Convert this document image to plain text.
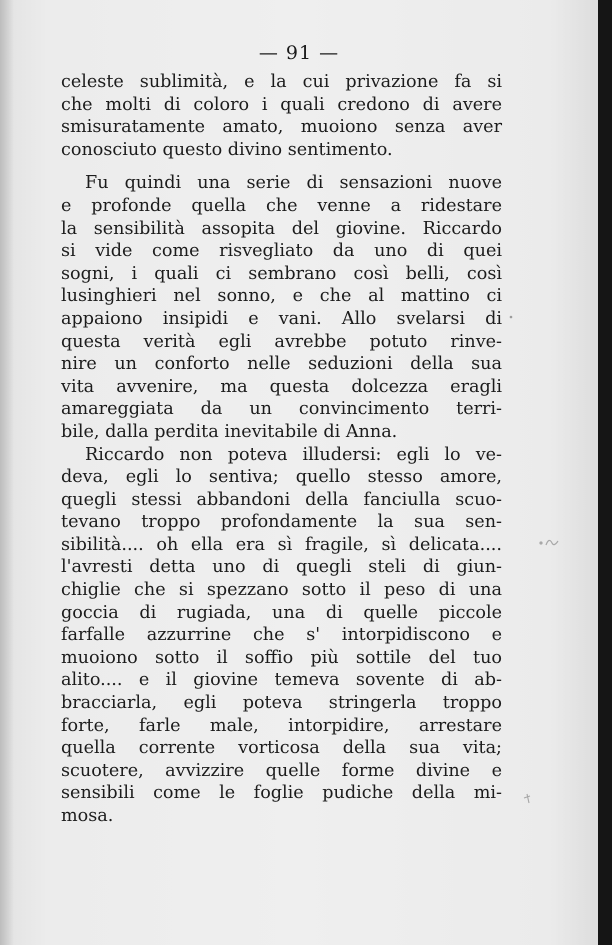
— 91 —
celeste sublimità, e la cui privazione fa si
che molti di coloro i quali credono di avere
smisuratamente amato, muoiono senza aver
conosciuto questo divino sentimento.
Fu quindi una serie di sensazioni nuove
e profonde quella che venne a ridestare
la sensibilità assopita del giovine. Riccardo
si vide come risvegliato da uno di quei
sogni, i quali ci sembrano così belli, così
lusinghieri nel sonno, e che al mattino ci
appaiono insipidi e vani. Allo svelarsi di
questa verità egli avrebbe potuto rinve-
nire un conforto nelle seduzioni della sua
vita avvenire, ma questa dolcezza eragli
amareggiata da un convincimento terri-
bile, dalla perdita inevitabile di Anna.
Riccardo non poteva illudersi: egli lo ve-
deva, egli lo sentiva; quello stesso amore,
quegli stessi abbandoni della fanciulla scuo-
tevano troppo profondamente la sua sen-
sibilità.... oh ella era sì fragile, sì delicata....
l'avresti detta uno di quegli steli di giun-
chiglie che si spezzano sotto il peso di una
goccia di rugiada, una di quelle piccole
farfalle azzurrine che s' intorpidiscono e
muoiono sotto il soffio più sottile del tuo
alito.... e il giovine temeva sovente di ab-
bracciarla, egli poteva stringerla troppo
forte, farle male, intorpidire, arrestare
quella corrente vorticosa della sua vita;
scuotere, avvizzire quelle forme divine e
sensibili come le foglie pudiche della mi-
mosa.
